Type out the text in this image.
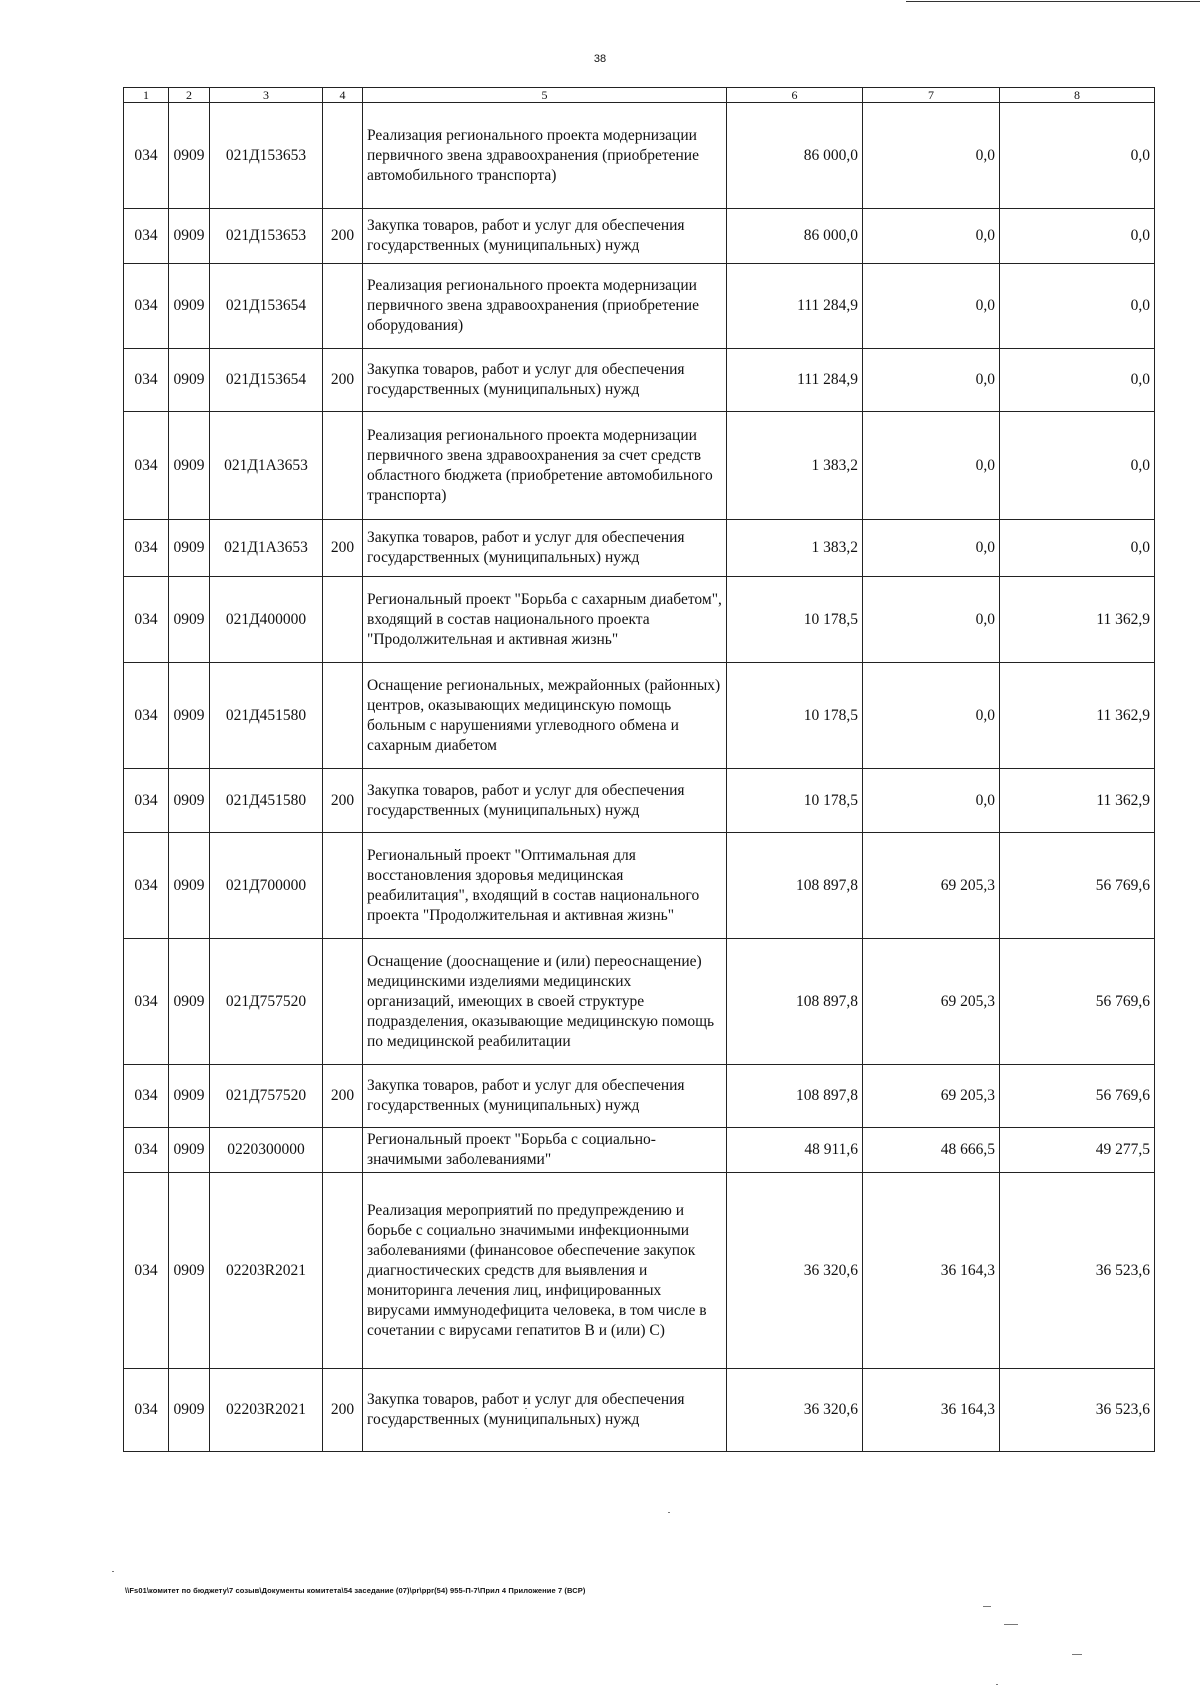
38
1	2	3	4	5	6	7	8
034	0909	021Д153653		Реализация регионального проекта модернизации первичного звена здравоохранения (приобретение автомобильного транспорта)	86 000,0	0,0	0,0
034	0909	021Д153653	200	Закупка товаров, работ и услуг для обеспечения государственных (муниципальных) нужд	86 000,0	0,0	0,0
034	0909	021Д153654		Реализация регионального проекта модернизации первичного звена здравоохранения (приобретение оборудования)	111 284,9	0,0	0,0
034	0909	021Д153654	200	Закупка товаров, работ и услуг для обеспечения государственных (муниципальных) нужд	111 284,9	0,0	0,0
034	0909	021Д1А3653		Реализация регионального проекта модернизации первичного звена здравоохранения за счет средств областного бюджета (приобретение автомобильного транспорта)	1 383,2	0,0	0,0
034	0909	021Д1А3653	200	Закупка товаров, работ и услуг для обеспечения государственных (муниципальных) нужд	1 383,2	0,0	0,0
034	0909	021Д400000		Региональный проект "Борьба с сахарным диабетом", входящий в состав национального проекта "Продолжительная и активная жизнь"	10 178,5	0,0	11 362,9
034	0909	021Д451580		Оснащение региональных, межрайонных (районных) центров, оказывающих медицинскую помощь больным с нарушениями углеводного обмена и сахарным диабетом	10 178,5	0,0	11 362,9
034	0909	021Д451580	200	Закупка товаров, работ и услуг для обеспечения государственных (муниципальных) нужд	10 178,5	0,0	11 362,9
034	0909	021Д700000		Региональный проект "Оптимальная для восстановления здоровья медицинская реабилитация", входящий в состав национального проекта "Продолжительная и активная жизнь"	108 897,8	69 205,3	56 769,6
034	0909	021Д757520		Оснащение (дооснащение и (или) переоснащение) медицинскими изделиями медицинских организаций, имеющих в своей структуре подразделения, оказывающие медицинскую помощь по медицинской реабилитации	108 897,8	69 205,3	56 769,6
034	0909	021Д757520	200	Закупка товаров, работ и услуг для обеспечения государственных (муниципальных) нужд	108 897,8	69 205,3	56 769,6
034	0909	0220300000		Региональный проект "Борьба с социально-значимыми заболеваниями"	48 911,6	48 666,5	49 277,5
034	0909	02203R2021		Реализация мероприятий по предупреждению и борьбе с социально значимыми инфекционными заболеваниями (финансовое обеспечение закупок диагностических средств для выявления и мониторинга лечения лиц, инфицированных вирусами иммунодефицита человека, в том числе в сочетании с вирусами гепатитов В и (или) С)	36 320,6	36 164,3	36 523,6
034	0909	02203R2021	200	Закупка товаров, работ и услуг для обеспечения государственных (муниципальных) нужд	36 320,6	36 164,3	36 523,6
\\Fs01\комитет по бюджету\7 созыв\Документы комитета\54 заседание (07)\pr\ppr(54) 955-П-7\Прил 4 Приложение 7 (ВСР)
